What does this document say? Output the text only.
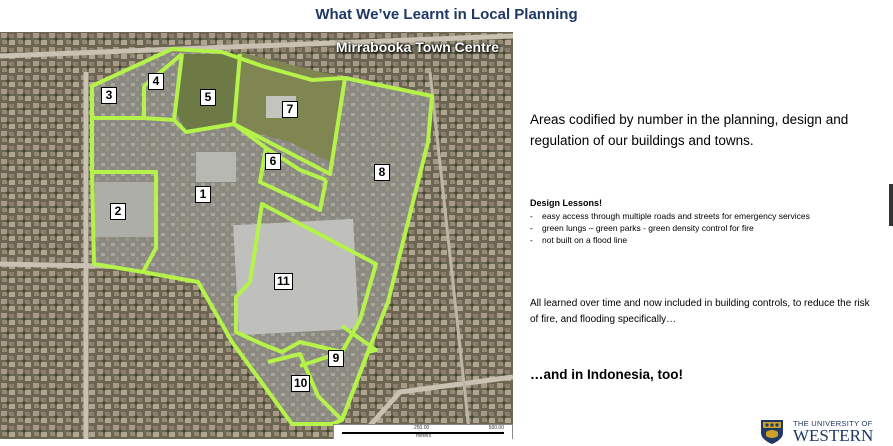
What We’ve Learnt in Local Planning
Mirrabooka Town Centre
1
2
3
4
5
6
7
8
9
10
11
250.00	500.00
meters
Areas codified by number in the planning, design and regulation of our buildings and towns.
Design Lessons!
- easy access through multiple roads and streets for emergency services
- green lungs – green parks - green density control for fire
- not built on a flood line
All learned over time and now included in building controls, to reduce the risk of fire, and flooding specifically…
…and in Indonesia, too!
THE UNIVERSITY OF
WESTERN
